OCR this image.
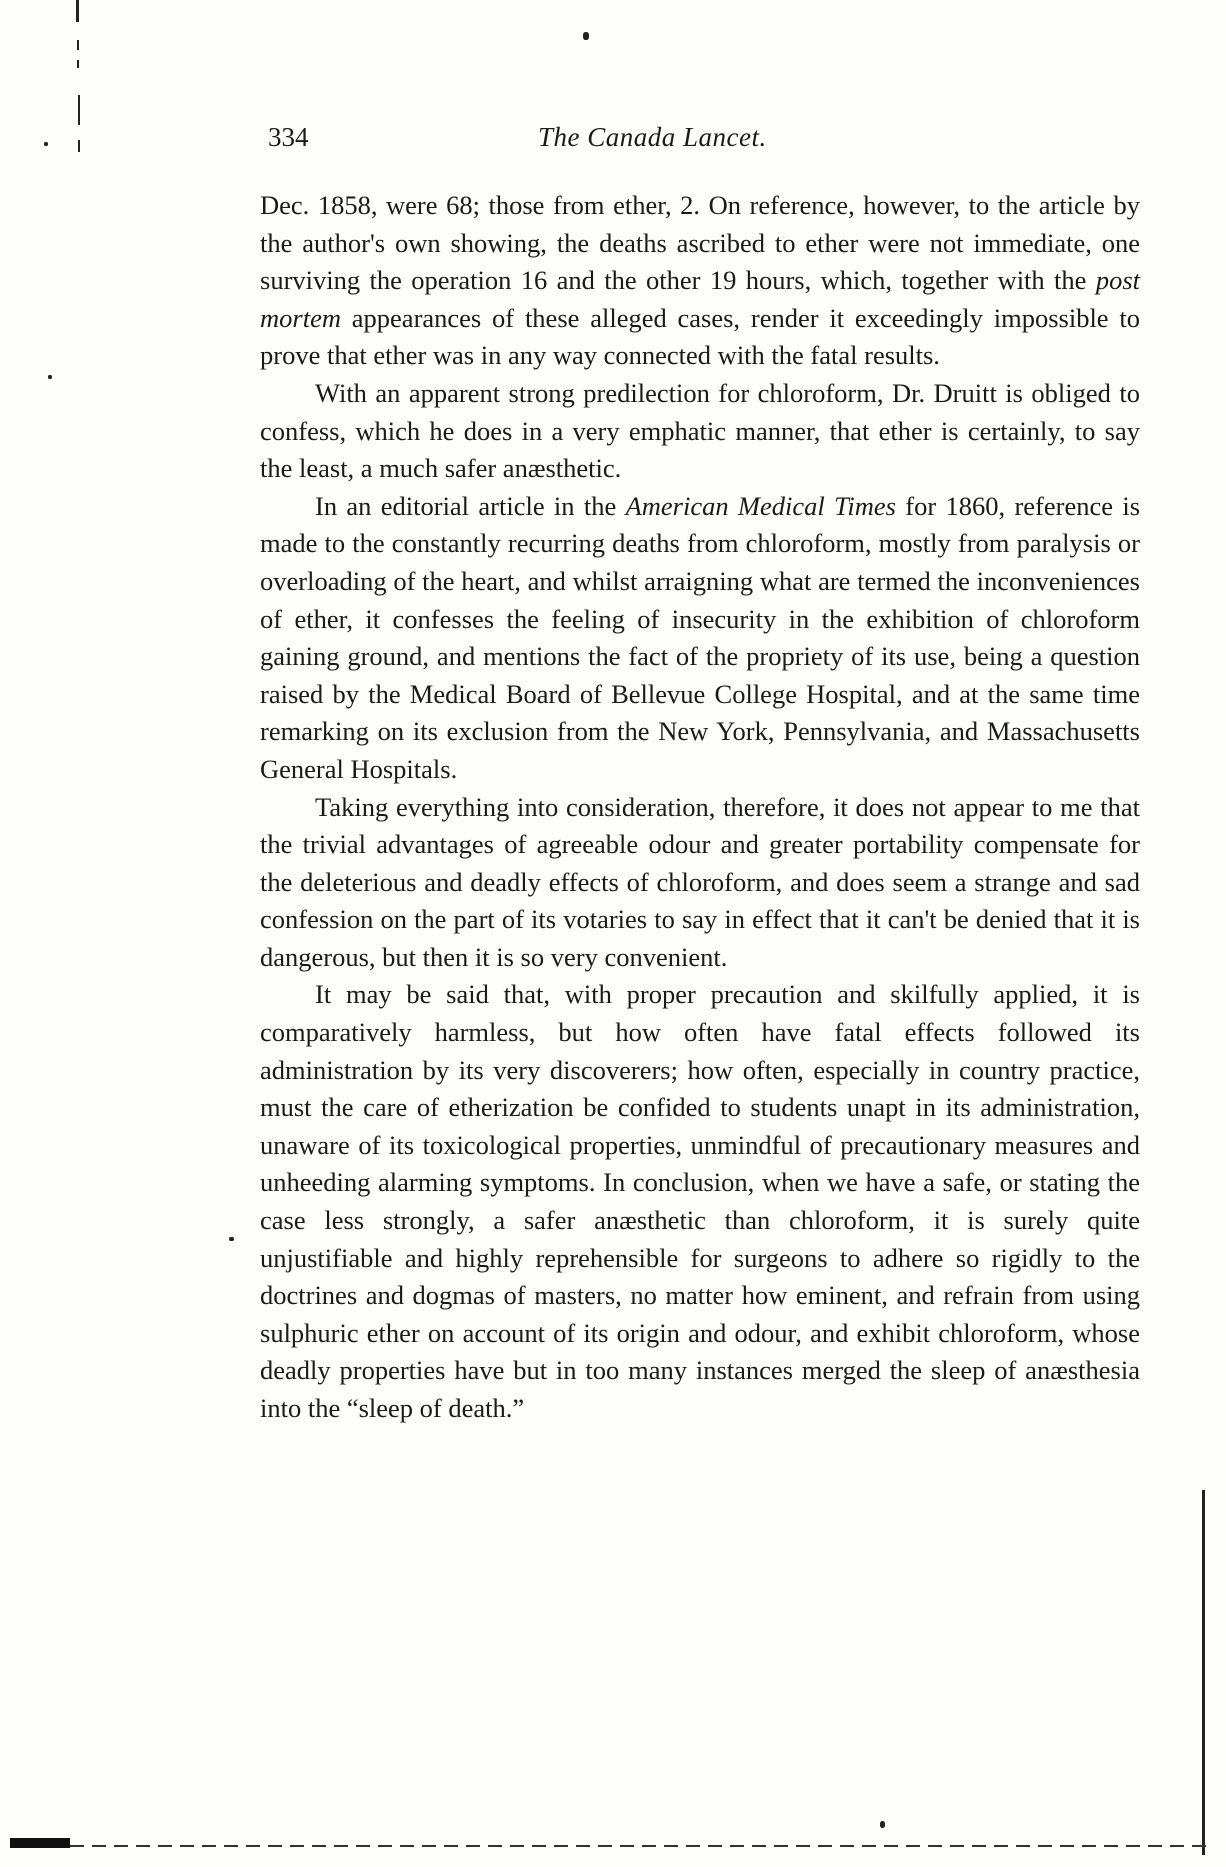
334	The Canada Lancet.

Dec. 1858, were 68; those from ether, 2. On reference, however, to the article by the author's own showing, the deaths ascribed to ether were not immediate, one surviving the operation 16 and the other 19 hours, which, together with the post mortem appearances of these alleged cases, render it exceedingly impossible to prove that ether was in any way connected with the fatal results.

With an apparent strong predilection for chloroform, Dr. Druitt is obliged to confess, which he does in a very emphatic manner, that ether is certainly, to say the least, a much safer anæsthetic.

In an editorial article in the American Medical Times for 1860, reference is made to the constantly recurring deaths from chloroform, mostly from paralysis or overloading of the heart, and whilst arraigning what are termed the inconveniences of ether, it confesses the feeling of insecurity in the exhibition of chloroform gaining ground, and mentions the fact of the propriety of its use, being a question raised by the Medical Board of Bellevue College Hospital, and at the same time remarking on its exclusion from the New York, Pennsylvania, and Massachusetts General Hospitals.

Taking everything into consideration, therefore, it does not appear to me that the trivial advantages of agreeable odour and greater portability compensate for the deleterious and deadly effects of chloroform, and does seem a strange and sad confession on the part of its votaries to say in effect that it can't be denied that it is dangerous, but then it is so very convenient.

It may be said that, with proper precaution and skilfully applied, it is comparatively harmless, but how often have fatal effects followed its administration by its very discoverers; how often, especially in country practice, must the care of etherization be confided to students unapt in its administration, unaware of its toxicological properties, unmindful of precautionary measures and unheeding alarming symptoms. In conclusion, when we have a safe, or stating the case less strongly, a safer anæsthetic than chloroform, it is surely quite unjustifiable and highly reprehensible for surgeons to adhere so rigidly to the doctrines and dogmas of masters, no matter how eminent, and refrain from using sulphuric ether on account of its origin and odour, and exhibit chloroform, whose deadly properties have but in too many instances merged the sleep of anæsthesia into the “sleep of death.”
